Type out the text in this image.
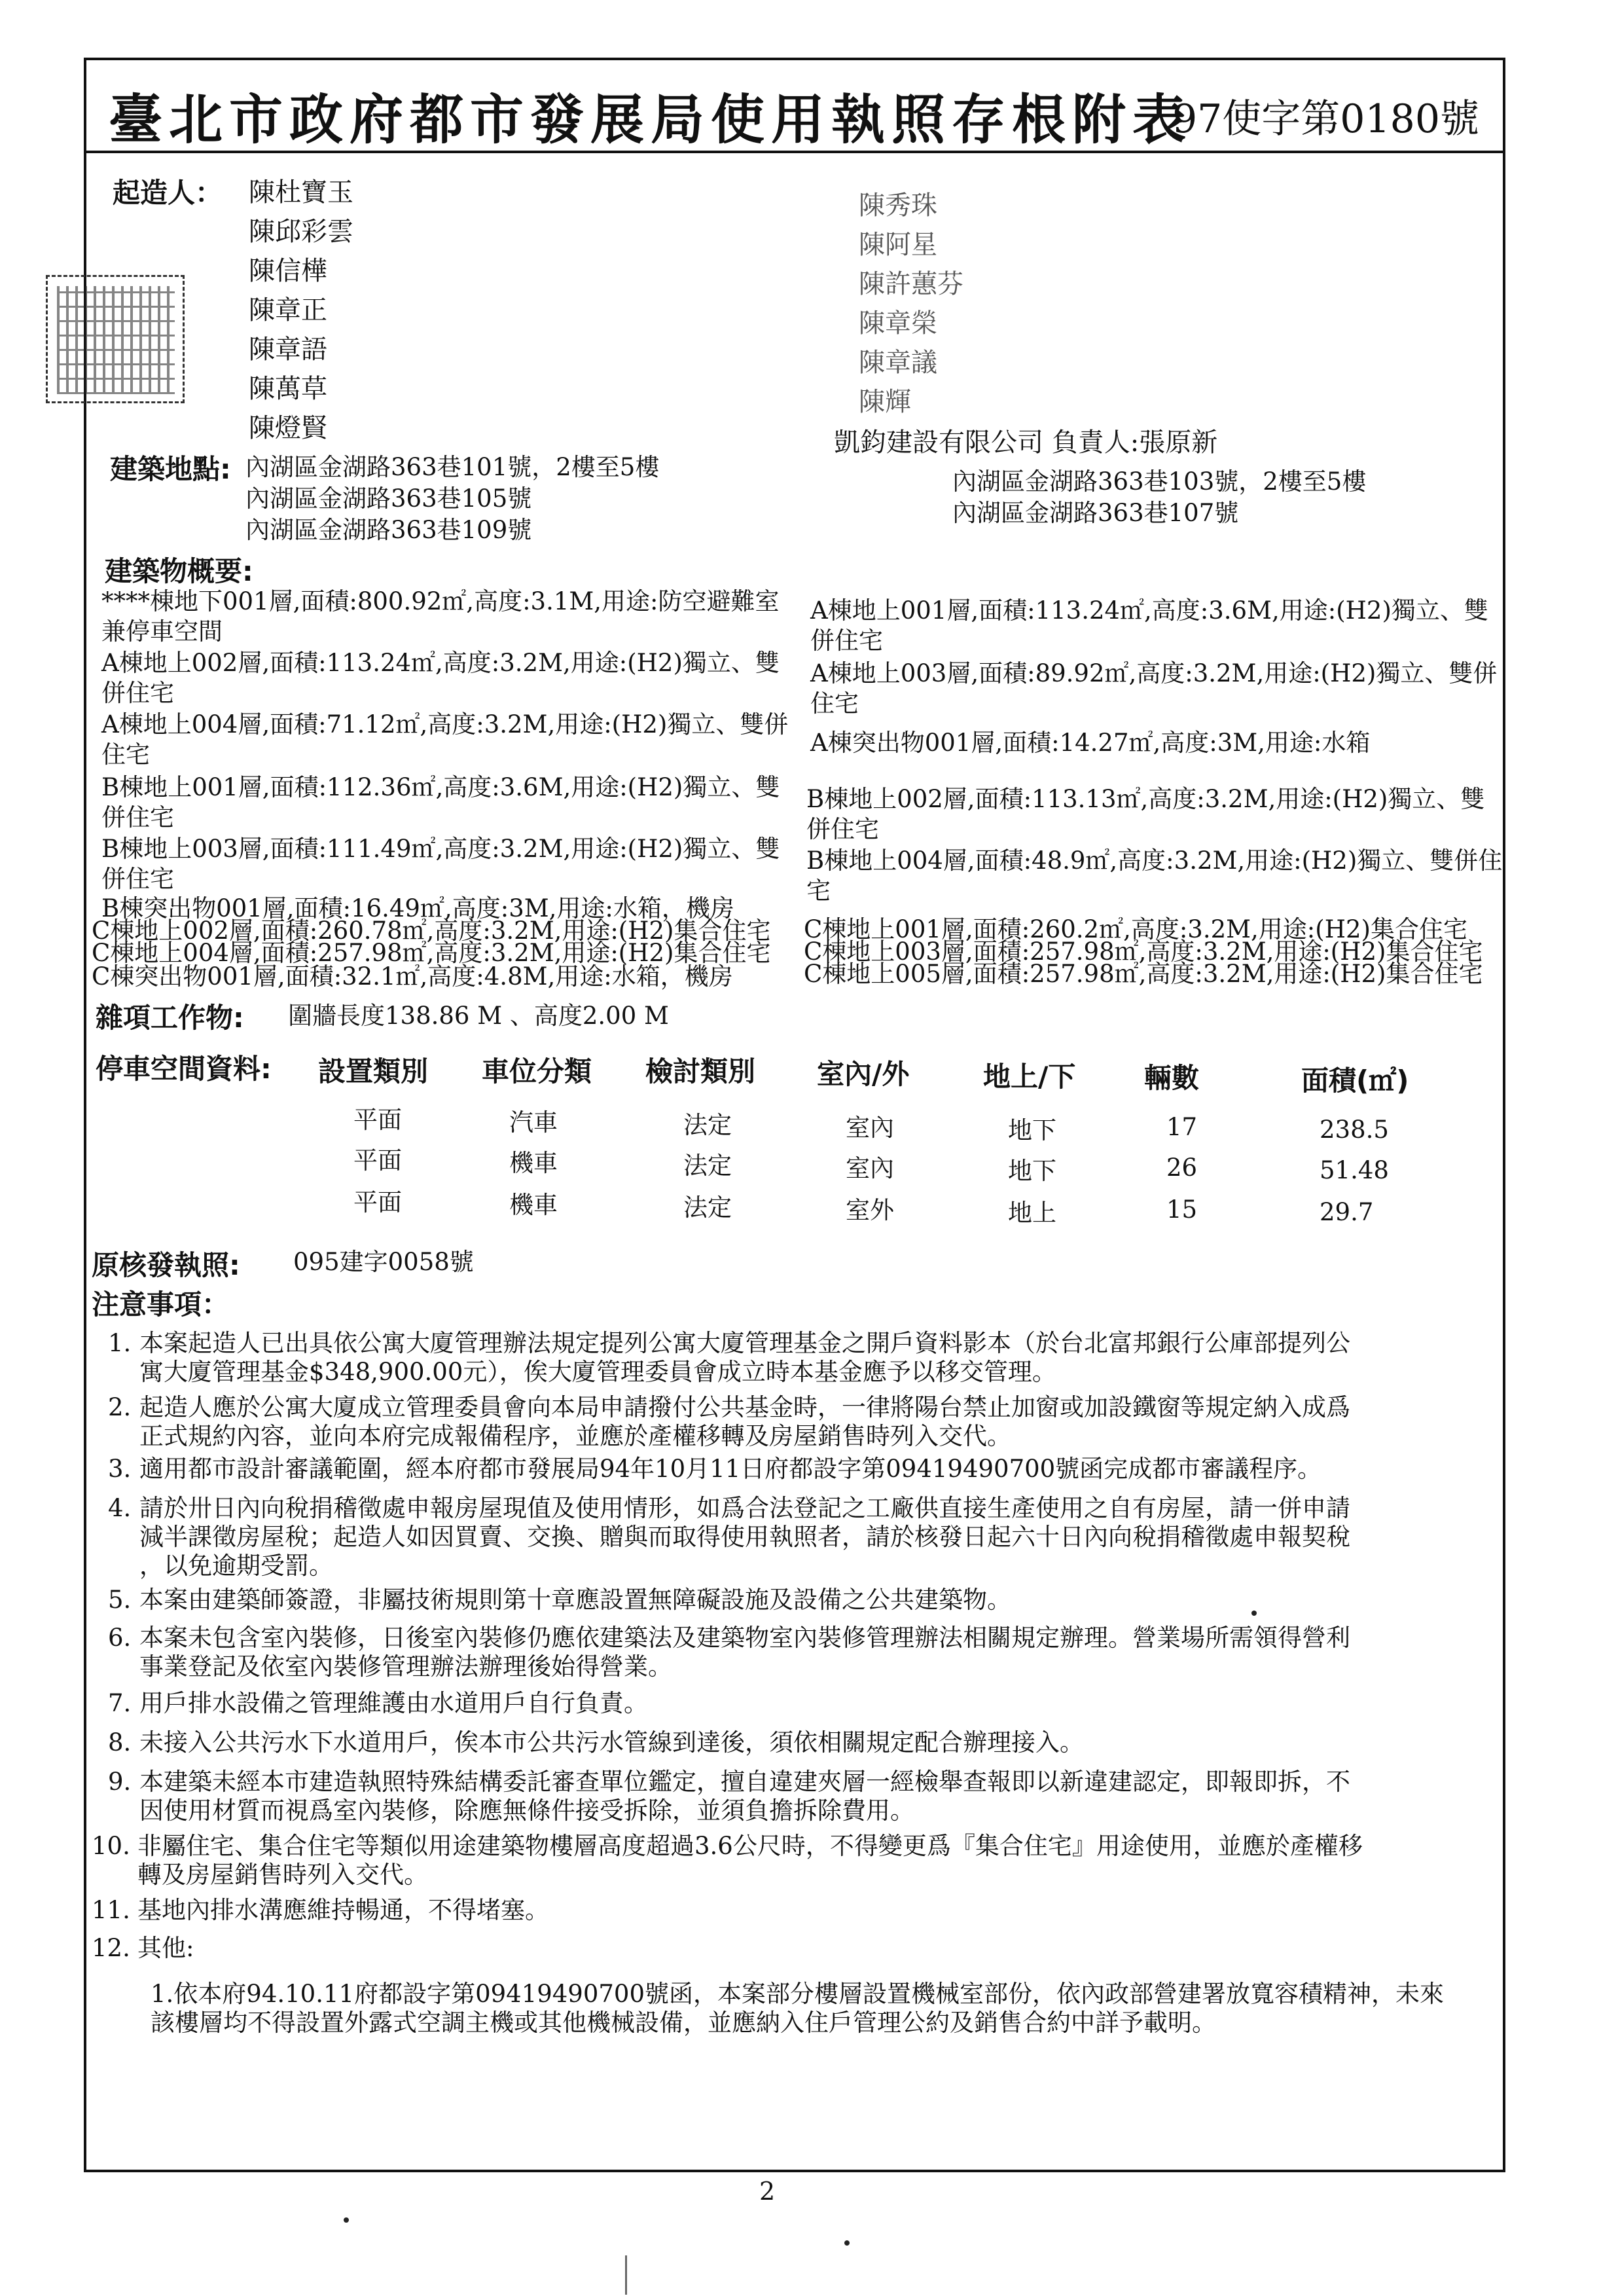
臺北市政府都市發展局使用執照存根附表
97使字第0180號
起造人： 陳杜寶玉
陳邱彩雲
陳信樺
陳章正
陳章語
陳萬草
陳燈賢
陳秀珠
陳阿星
陳許蕙芬
陳章榮
陳章議
陳輝
凱鈞建設有限公司 負責人:張原新
建築地點: 內湖區金湖路363巷101號，2樓至5樓
內湖區金湖路363巷105號
內湖區金湖路363巷109號
內湖區金湖路363巷103號，2樓至5樓
內湖區金湖路363巷107號
建築物概要:
****棟地下001層,面積:800.92㎡,高度:3.1M,用途:防空避難室兼停車空間
A棟地上002層,面積:113.24㎡,高度:3.2M,用途:(H2)獨立、雙併住宅
A棟地上004層,面積:71.12㎡,高度:3.2M,用途:(H2)獨立、雙併住宅
B棟地上001層,面積:112.36㎡,高度:3.6M,用途:(H2)獨立、雙併住宅
B棟地上003層,面積:111.49㎡,高度:3.2M,用途:(H2)獨立、雙併住宅
B棟突出物001層,面積:16.49㎡,高度:3M,用途:水箱，機房
C棟地上002層,面積:260.78㎡,高度:3.2M,用途:(H2)集合住宅
C棟地上004層,面積:257.98㎡,高度:3.2M,用途:(H2)集合住宅
C棟突出物001層,面積:32.1㎡,高度:4.8M,用途:水箱，機房
A棟地上001層,面積:113.24㎡,高度:3.6M,用途:(H2)獨立、雙併住宅
A棟地上003層,面積:89.92㎡,高度:3.2M,用途:(H2)獨立、雙併住宅
A棟突出物001層,面積:14.27㎡,高度:3M,用途:水箱
B棟地上002層,面積:113.13㎡,高度:3.2M,用途:(H2)獨立、雙併住宅
B棟地上004層,面積:48.9㎡,高度:3.2M,用途:(H2)獨立、雙併住宅
C棟地上001層,面積:260.2㎡,高度:3.2M,用途:(H2)集合住宅
C棟地上003層,面積:257.98㎡,高度:3.2M,用途:(H2)集合住宅
C棟地上005層,面積:257.98㎡,高度:3.2M,用途:(H2)集合住宅
雜項工作物: 圍牆長度138.86 M 、高度2.00 M
停車空間資料: 設置類別 車位分類 檢討類別 室內/外	地上/下 輛數	面積(㎡)
平面	汽車	法定	室內	地下	17	238.5
平面	機車	法定	室內	地下	26	51.48
平面	機車	法定	室外	地上	15	29.7
原核發執照: 095建字0058號
注意事項：
1. 本案起造人已出具依公寓大廈管理辦法規定提列公寓大廈管理基金之開戶資料影本（於台北富邦銀行公庫部提列公
寓大廈管理基金$348,900.00元），俟大廈管理委員會成立時本基金應予以移交管理。
2. 起造人應於公寓大廈成立管理委員會向本局申請撥付公共基金時，一律將陽台禁止加窗或加設鐵窗等規定納入成爲
正式規約內容，並向本府完成報備程序，並應於產權移轉及房屋銷售時列入交代。
3. 適用都市設計審議範圍，經本府都市發展局94年10月11日府都設字第09419490700號函完成都市審議程序。
4. 請於卅日內向稅捐稽徵處申報房屋現值及使用情形，如爲合法登記之工廠供直接生產使用之自有房屋，請一併申請
減半課徵房屋稅；起造人如因買賣、交換、贈與而取得使用執照者，請於核發日起六十日內向稅捐稽徵處申報契稅
，以免逾期受罰。
5. 本案由建築師簽證，非屬技術規則第十章應設置無障礙設施及設備之公共建築物。
6. 本案未包含室內裝修，日後室內裝修仍應依建築法及建築物室內裝修管理辦法相關規定辦理。營業場所需領得營利
事業登記及依室內裝修管理辦法辦理後始得營業。
7. 用戶排水設備之管理維護由水道用戶自行負責。
8. 未接入公共污水下水道用戶，俟本市公共污水管線到達後，須依相關規定配合辦理接入。
9. 本建築未經本市建造執照特殊結構委託審查單位鑑定，擅自違建夾層一經檢舉查報即以新違建認定，即報即拆，不
因使用材質而視爲室內裝修，除應無條件接受拆除，並須負擔拆除費用。
10. 非屬住宅、集合住宅等類似用途建築物樓層高度超過3.6公尺時，不得變更爲『集合住宅』用途使用，並應於產權移
轉及房屋銷售時列入交代。
11. 基地內排水溝應維持暢通，不得堵塞。
12. 其他:
1.依本府94.10.11府都設字第09419490700號函，本案部分樓層設置機械室部份，依內政部營建署放寬容積精神，未來
該樓層均不得設置外露式空調主機或其他機械設備，並應納入住戶管理公約及銷售合約中詳予載明。
2
